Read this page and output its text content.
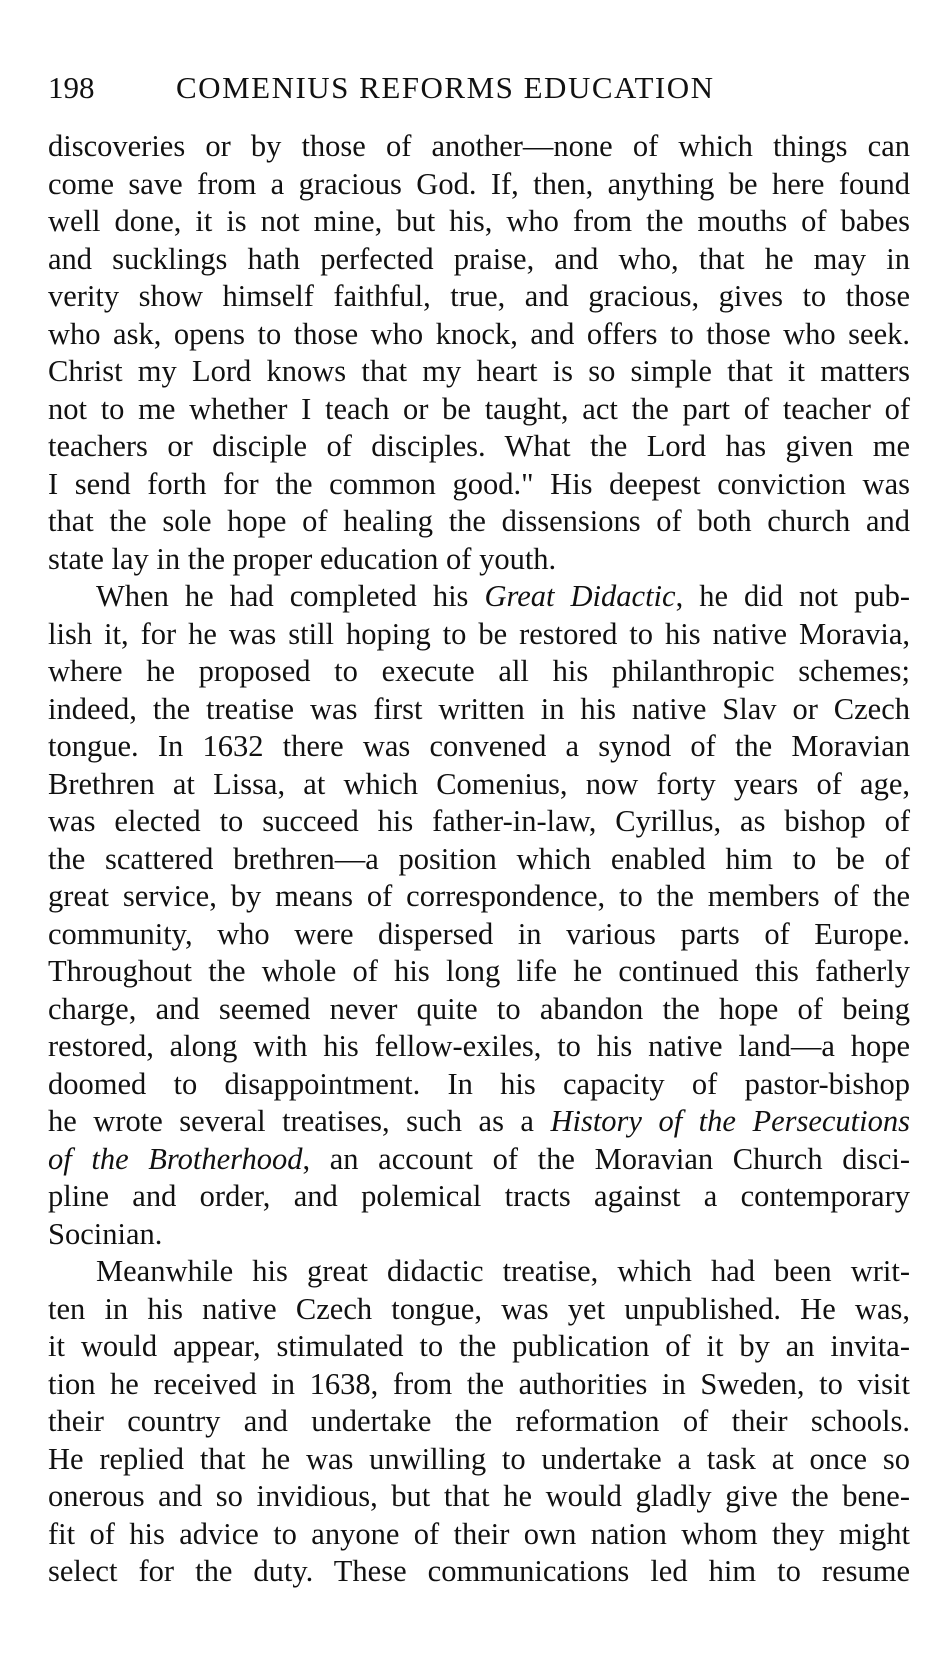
198	COMENIUS REFORMS EDUCATION

discoveries or by those of another—none of which things can
come save from a gracious God. If, then, anything be here found
well done, it is not mine, but his, who from the mouths of babes
and sucklings hath perfected praise, and who, that he may in
verity show himself faithful, true, and gracious, gives to those
who ask, opens to those who knock, and offers to those who seek.
Christ my Lord knows that my heart is so simple that it matters
not to me whether I teach or be taught, act the part of teacher of
teachers or disciple of disciples. What the Lord has given me
I send forth for the common good." His deepest conviction was
that the sole hope of healing the dissensions of both church and
state lay in the proper education of youth.

When he had completed his Great Didactic, he did not pub-
lish it, for he was still hoping to be restored to his native Moravia,
where he proposed to execute all his philanthropic schemes;
indeed, the treatise was first written in his native Slav or Czech
tongue. In 1632 there was convened a synod of the Moravian
Brethren at Lissa, at which Comenius, now forty years of age,
was elected to succeed his father-in-law, Cyrillus, as bishop of
the scattered brethren—a position which enabled him to be of
great service, by means of correspondence, to the members of the
community, who were dispersed in various parts of Europe.
Throughout the whole of his long life he continued this fatherly
charge, and seemed never quite to abandon the hope of being
restored, along with his fellow-exiles, to his native land—a hope
doomed to disappointment. In his capacity of pastor-bishop
he wrote several treatises, such as a History of the Persecutions
of the Brotherhood, an account of the Moravian Church disci-
pline and order, and polemical tracts against a contemporary
Socinian.

Meanwhile his great didactic treatise, which had been writ-
ten in his native Czech tongue, was yet unpublished. He was,
it would appear, stimulated to the publication of it by an invita-
tion he received in 1638, from the authorities in Sweden, to visit
their country and undertake the reformation of their schools.
He replied that he was unwilling to undertake a task at once so
onerous and so invidious, but that he would gladly give the bene-
fit of his advice to anyone of their own nation whom they might
select for the duty. These communications led him to resume
